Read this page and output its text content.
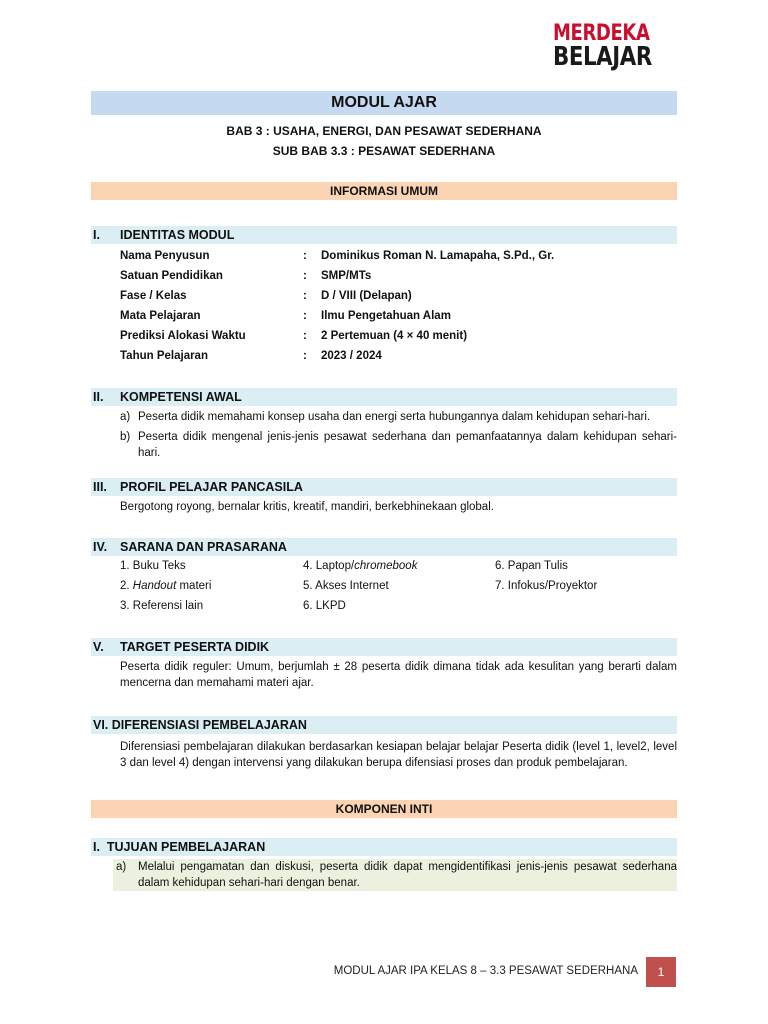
MERDEKA
BELAJAR
MODUL AJAR
BAB 3 : USAHA, ENERGI, DAN PESAWAT SEDERHANA
SUB BAB 3.3 : PESAWAT SEDERHANA
INFORMASI UMUM
I.	IDENTITAS MODUL
Nama Penyusun	:	Dominikus Roman N. Lamapaha, S.Pd., Gr.
Satuan Pendidikan	:	SMP/MTs
Fase / Kelas	:	D / VIII (Delapan)
Mata Pelajaran	:	Ilmu Pengetahuan Alam
Prediksi Alokasi Waktu	:	2 Pertemuan (4 × 40 menit)
Tahun Pelajaran	:	2023 / 2024
II.	KOMPETENSI AWAL
a) Peserta didik memahami konsep usaha dan energi serta hubungannya dalam kehidupan sehari-hari.
b) Peserta didik mengenal jenis-jenis pesawat sederhana dan pemanfaatannya dalam kehidupan sehari-hari.
III.	PROFIL PELAJAR PANCASILA
Bergotong royong, bernalar kritis, kreatif, mandiri, berkebhinekaan global.
IV.	SARANA DAN PRASARANA
1. Buku Teks	4. Laptop/chromebook	6. Papan Tulis
2. Handout materi	5. Akses Internet	7. Infokus/Proyektor
3. Referensi lain	6. LKPD
V.	TARGET PESERTA DIDIK
Peserta didik reguler: Umum, berjumlah ± 28 peserta didik dimana tidak ada kesulitan yang berarti dalam mencerna dan memahami materi ajar.
VI. DIFERENSIASI PEMBELAJARAN
Diferensiasi pembelajaran dilakukan berdasarkan kesiapan belajar belajar Peserta didik (level 1, level2, level 3 dan level 4) dengan intervensi yang dilakukan berupa difensiasi proses dan produk pembelajaran.
KOMPONEN INTI
I.  TUJUAN PEMBELAJARAN
a)	Melalui pengamatan dan diskusi, peserta didik dapat mengidentifikasi jenis-jenis pesawat sederhana dalam kehidupan sehari-hari dengan benar.
MODUL AJAR IPA KELAS 8 – 3.3 PESAWAT SEDERHANA	1
